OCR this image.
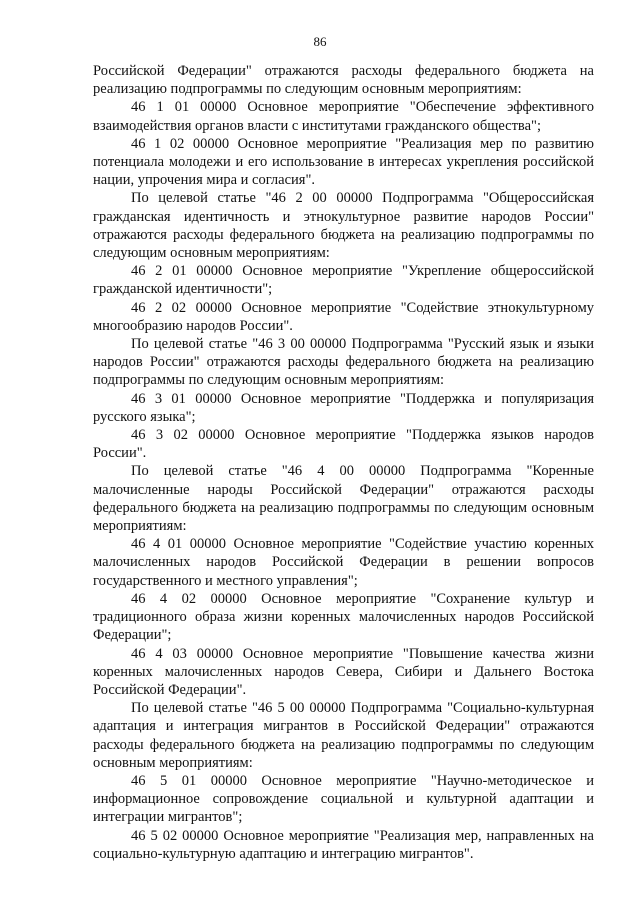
86

Российской Федерации" отражаются расходы федерального бюджета на реализацию подпрограммы по следующим основным мероприятиям:

46 1 01 00000 Основное мероприятие "Обеспечение эффективного взаимодействия органов власти с институтами гражданского общества";

46 1 02 00000 Основное мероприятие "Реализация мер по развитию потенциала молодежи и его использование в интересах укрепления российской нации, упрочения мира и согласия".

По целевой статье "46 2 00 00000 Подпрограмма "Общероссийская гражданская идентичность и этнокультурное развитие народов России" отражаются расходы федерального бюджета на реализацию подпрограммы по следующим основным мероприятиям:

46 2 01 00000 Основное мероприятие "Укрепление общероссийской гражданской идентичности";

46 2 02 00000 Основное мероприятие "Содействие этнокультурному многообразию народов России".

По целевой статье "46 3 00 00000 Подпрограмма "Русский язык и языки народов России" отражаются расходы федерального бюджета на реализацию подпрограммы по следующим основным мероприятиям:

46 3 01 00000 Основное мероприятие "Поддержка и популяризация русского языка";

46 3 02 00000 Основное мероприятие "Поддержка языков народов России".

По целевой статье "46 4 00 00000 Подпрограмма "Коренные малочисленные народы Российской Федерации" отражаются расходы федерального бюджета на реализацию подпрограммы по следующим основным мероприятиям:

46 4 01 00000 Основное мероприятие "Содействие участию коренных малочисленных народов Российской Федерации в решении вопросов государственного и местного управления";

46 4 02 00000 Основное мероприятие "Сохранение культур и традиционного образа жизни коренных малочисленных народов Российской Федерации";

46 4 03 00000 Основное мероприятие "Повышение качества жизни коренных малочисленных народов Севера, Сибири и Дальнего Востока Российской Федерации".

По целевой статье "46 5 00 00000 Подпрограмма "Социально-культурная адаптация и интеграция мигрантов в Российской Федерации" отражаются расходы федерального бюджета на реализацию подпрограммы по следующим основным мероприятиям:

46 5 01 00000 Основное мероприятие "Научно-методическое и информационное сопровождение социальной и культурной адаптации и интеграции мигрантов";

46 5 02 00000 Основное мероприятие "Реализация мер, направленных на социально-культурную адаптацию и интеграцию мигрантов".
